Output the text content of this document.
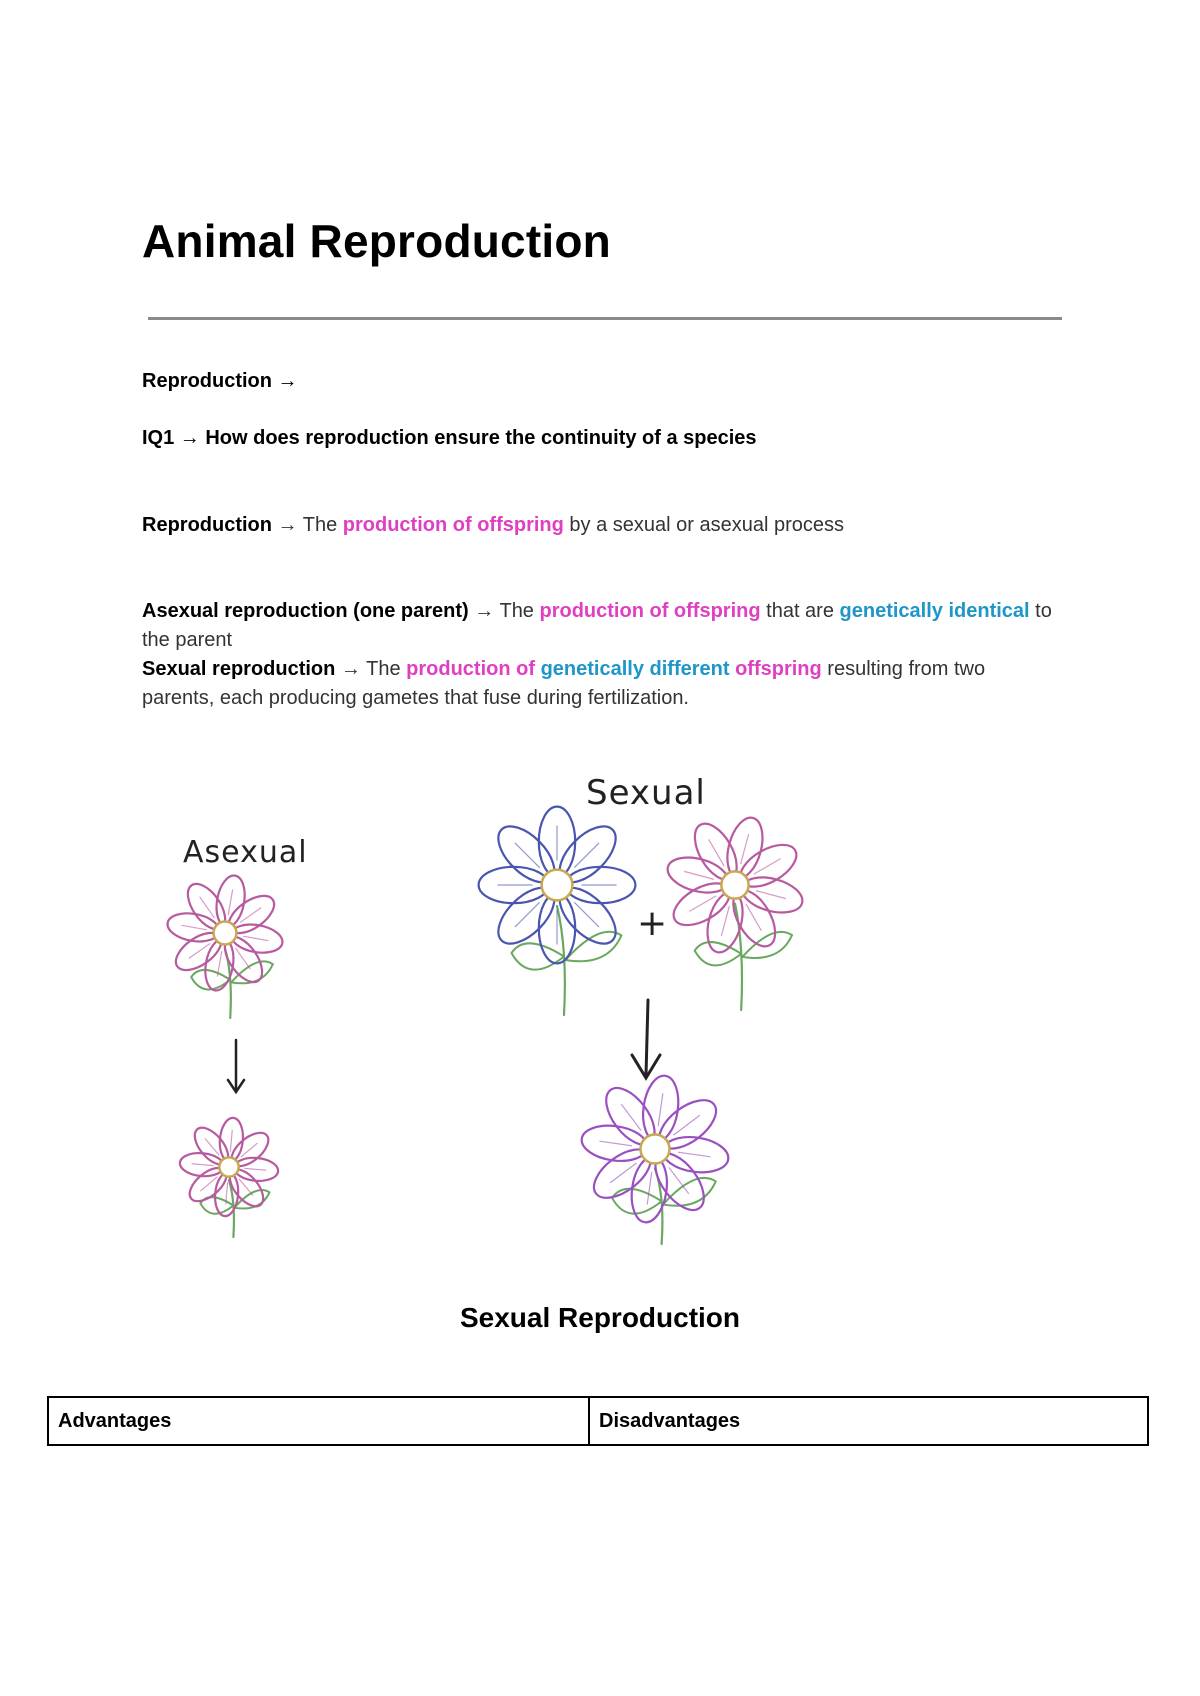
Animal Reproduction
Reproduction →
IQ1 → How does reproduction ensure the continuity of a species
Reproduction → The production of offspring by a sexual or asexual process
Asexual reproduction (one parent) → The production of offspring that are genetically identical to the parent
Sexual reproduction → The production of genetically different offspring resulting from two parents, each producing gametes that fuse during fertilization.
Asexual
Sexual
+
Sexual Reproduction
Advantages	Disadvantages
